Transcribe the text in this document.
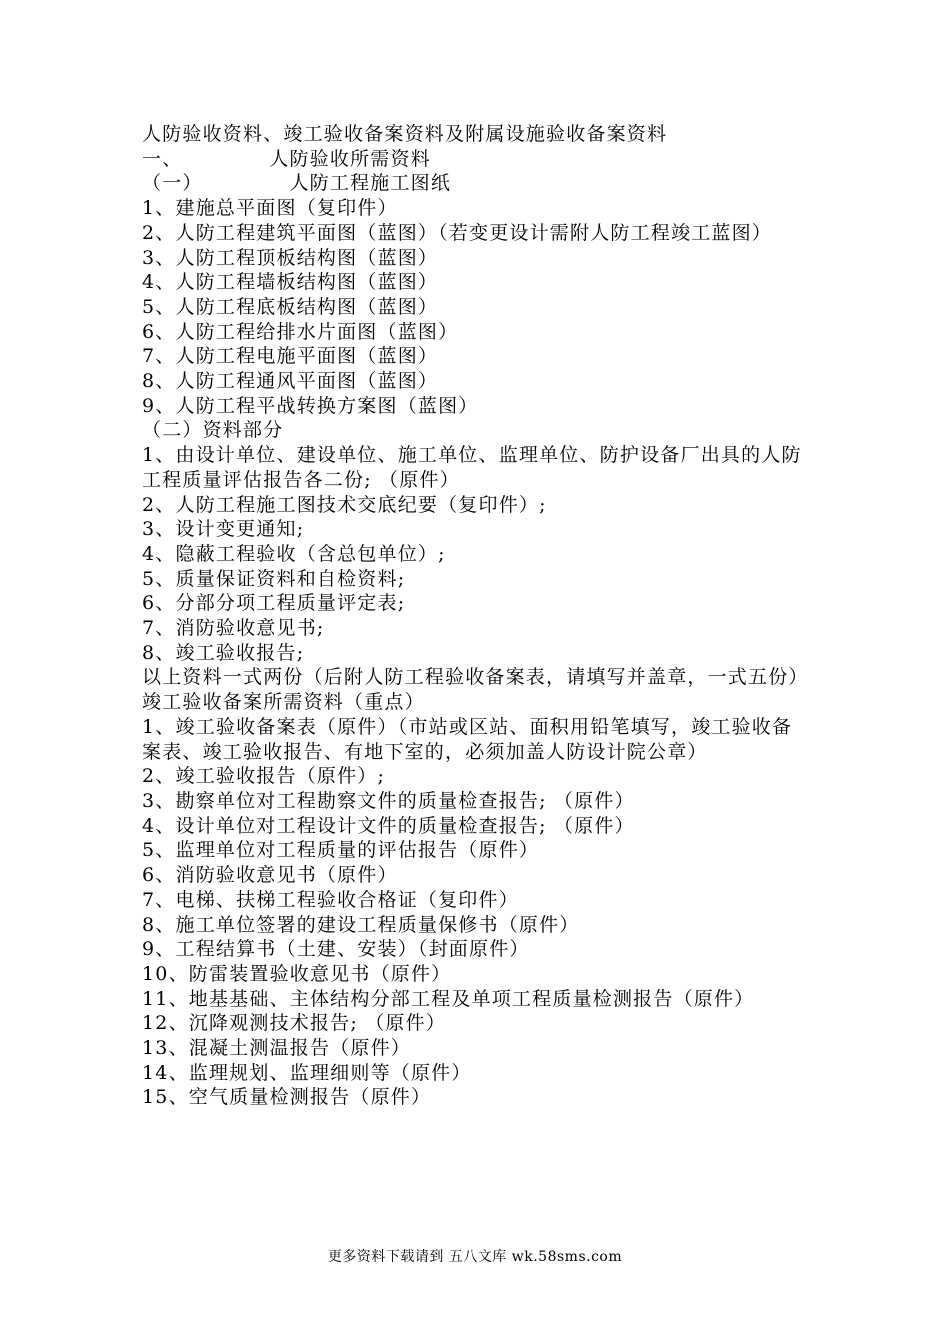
人防验收资料、竣工验收备案资料及附属设施验收备案资料

一、            人防验收所需资料

（一）            人防工程施工图纸

1、建施总平面图（复印件）

2、人防工程建筑平面图（蓝图）（若变更设计需附人防工程竣工蓝图）

3、人防工程顶板结构图（蓝图）

4、人防工程墙板结构图（蓝图）

5、人防工程底板结构图（蓝图）

6、人防工程给排水片面图（蓝图）

7、人防工程电施平面图（蓝图）

8、人防工程通风平面图（蓝图）

9、人防工程平战转换方案图（蓝图）

（二）资料部分

1、由设计单位、建设单位、施工单位、监理单位、防护设备厂出具的人防工程质量评估报告各二份; （原件）

2、人防工程施工图技术交底纪要（复印件）;

3、设计变更通知;

4、隐蔽工程验收（含总包单位）;

5、质量保证资料和自检资料;

6、分部分项工程质量评定表;

7、消防验收意见书;

8、竣工验收报告;

以上资料一式两份（后附人防工程验收备案表，请填写并盖章，一式五份）

竣工验收备案所需资料（重点）

1、竣工验收备案表（原件）（市站或区站、面积用铅笔填写，竣工验收备案表、竣工验收报告、有地下室的，必须加盖人防设计院公章）

2、竣工验收报告（原件）;

3、勘察单位对工程勘察文件的质量检查报告; （原件）

4、设计单位对工程设计文件的质量检查报告; （原件）

5、监理单位对工程质量的评估报告（原件）

6、消防验收意见书（原件）

7、电梯、扶梯工程验收合格证（复印件）

8、施工单位签署的建设工程质量保修书（原件）

9、工程结算书（土建、安装）（封面原件）

10、防雷装置验收意见书（原件）

11、地基基础、主体结构分部工程及单项工程质量检测报告（原件）

12、沉降观测技术报告; （原件）

13、混凝土测温报告（原件）

14、监理规划、监理细则等（原件）

15、空气质量检测报告（原件）

更多资料下载请到 五八文库 wk.58sms.com
